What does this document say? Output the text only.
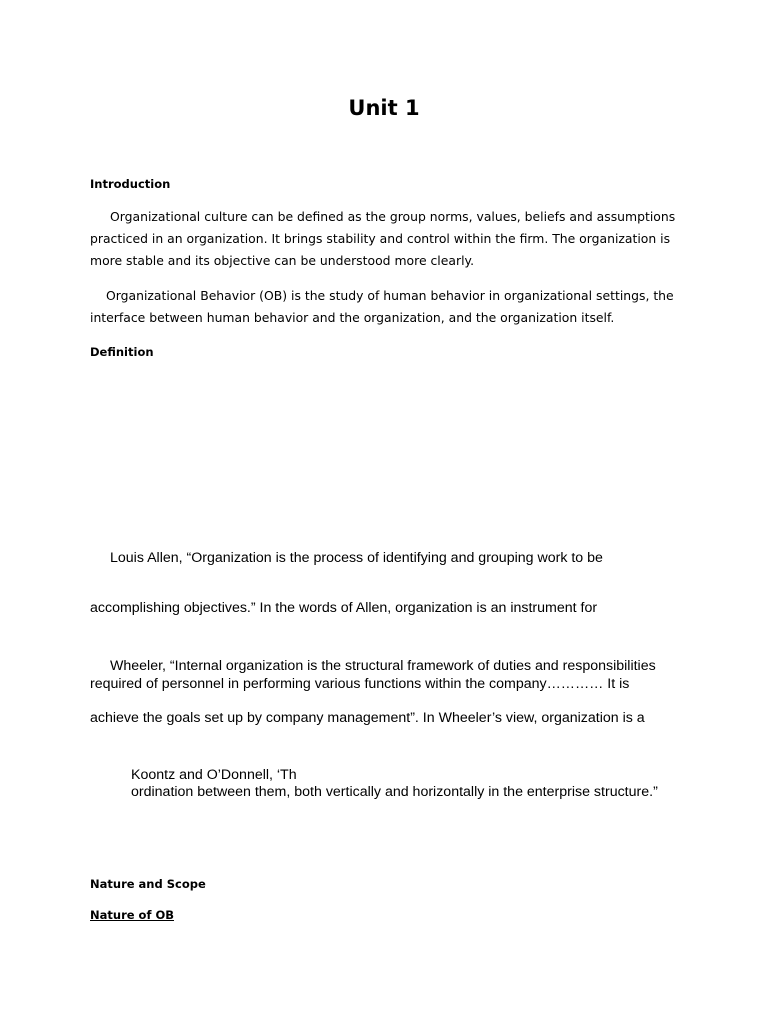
Unit 1
Introduction
Organizational culture can be defined as the group norms, values, beliefs and assumptions
practiced in an organization. It brings stability and control within the firm. The organization is
more stable and its objective can be understood more clearly.
Organizational Behavior (OB) is the study of human behavior in organizational settings, the
interface between human behavior and the organization, and the organization itself.
Definition
Louis Allen, “Organization is the process of identifying and grouping work to be
accomplishing objectives.” In the words of Allen, organization is an instrument for
Wheeler, “Internal organization is the structural framework of duties and responsibilities
required of personnel in performing various functions within the company………… It is
achieve the goals set up by company management”. In Wheeler’s view, organization is a
Koontz and O’Donnell, ‘Th
ordination between them, both vertically and horizontally in the enterprise structure.”
Nature and Scope
Nature of OB
